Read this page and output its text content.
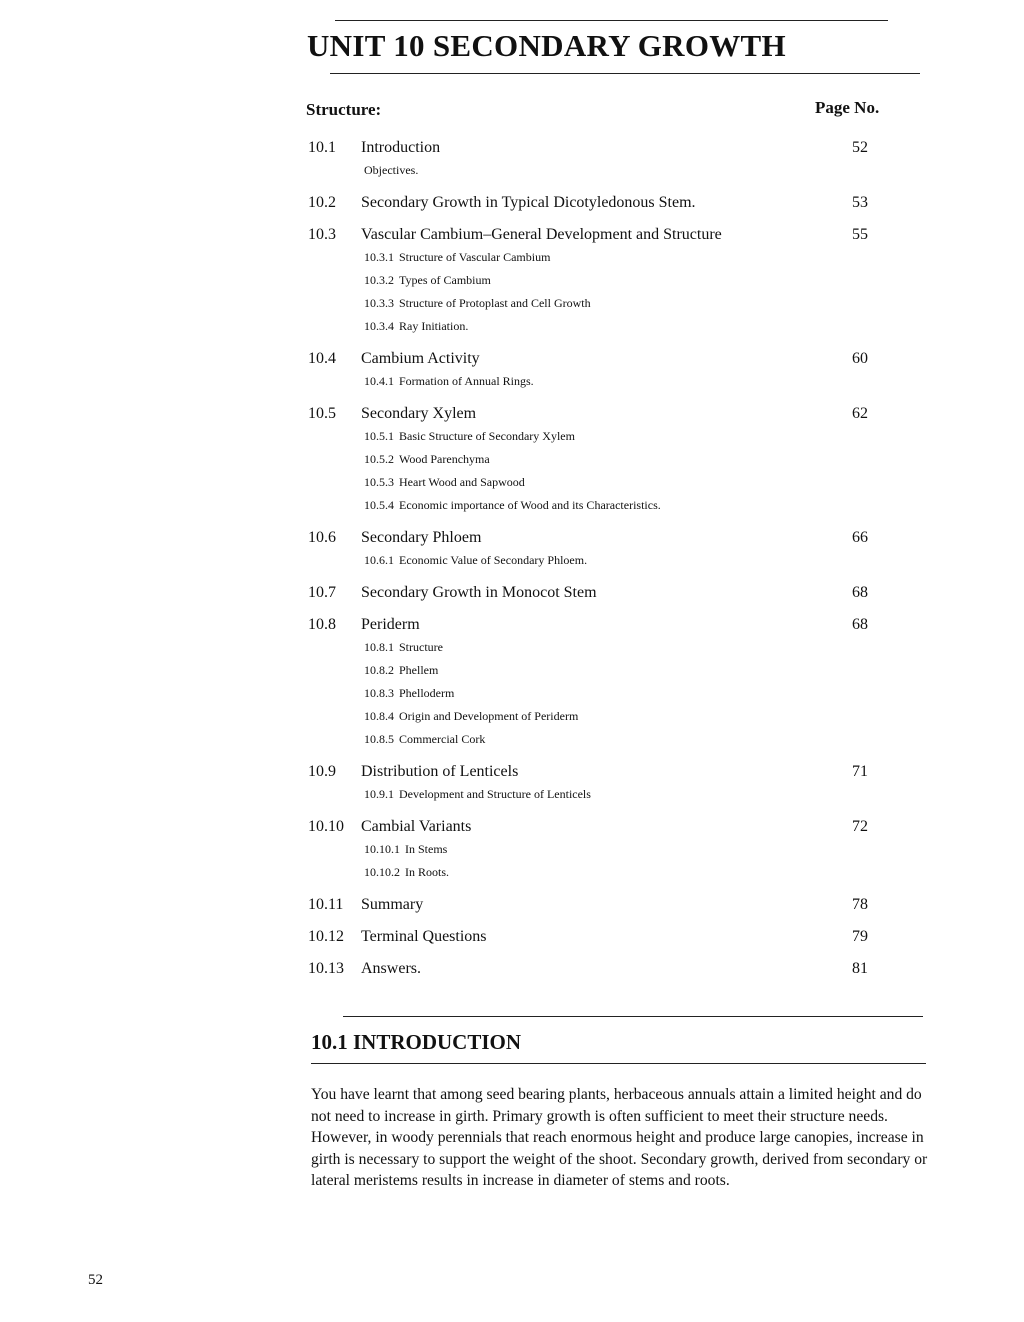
UNIT 10 SECONDARY GROWTH
Structure:	Page No.
10.1 Introduction	52
Objectives.
10.2 Secondary Growth in Typical Dicotyledonous Stem.	53
10.3 Vascular Cambium–General Development and Structure	55
10.3.1 Structure of Vascular Cambium
10.3.2 Types of Cambium
10.3.3 Structure of Protoplast and Cell Growth
10.3.4 Ray Initiation.
10.4 Cambium Activity	60
10.4.1 Formation of Annual Rings.
10.5 Secondary Xylem	62
10.5.1 Basic Structure of Secondary Xylem
10.5.2 Wood Parenchyma
10.5.3 Heart Wood and Sapwood
10.5.4 Economic importance of Wood and its Characteristics.
10.6 Secondary Phloem	66
10.6.1 Economic Value of Secondary Phloem.
10.7 Secondary Growth in Monocot Stem	68
10.8 Periderm	68
10.8.1 Structure
10.8.2 Phellem
10.8.3 Phelloderm
10.8.4 Origin and Development of Periderm
10.8.5 Commercial Cork
10.9 Distribution of Lenticels	71
10.9.1 Development and Structure of Lenticels
10.10 Cambial Variants	72
10.10.1 In Stems
10.10.2 In Roots.
10.11 Summary	78
10.12 Terminal Questions	79
10.13 Answers.	81
10.1 INTRODUCTION
You have learnt that among seed bearing plants, herbaceous annuals attain a limited height and do not need to increase in girth. Primary growth is often sufficient to meet their structure needs. However, in woody perennials that reach enormous height and produce large canopies, increase in girth is necessary to support the weight of the shoot. Secondary growth, derived from secondary or lateral meristems results in increase in diameter of stems and roots.
52
